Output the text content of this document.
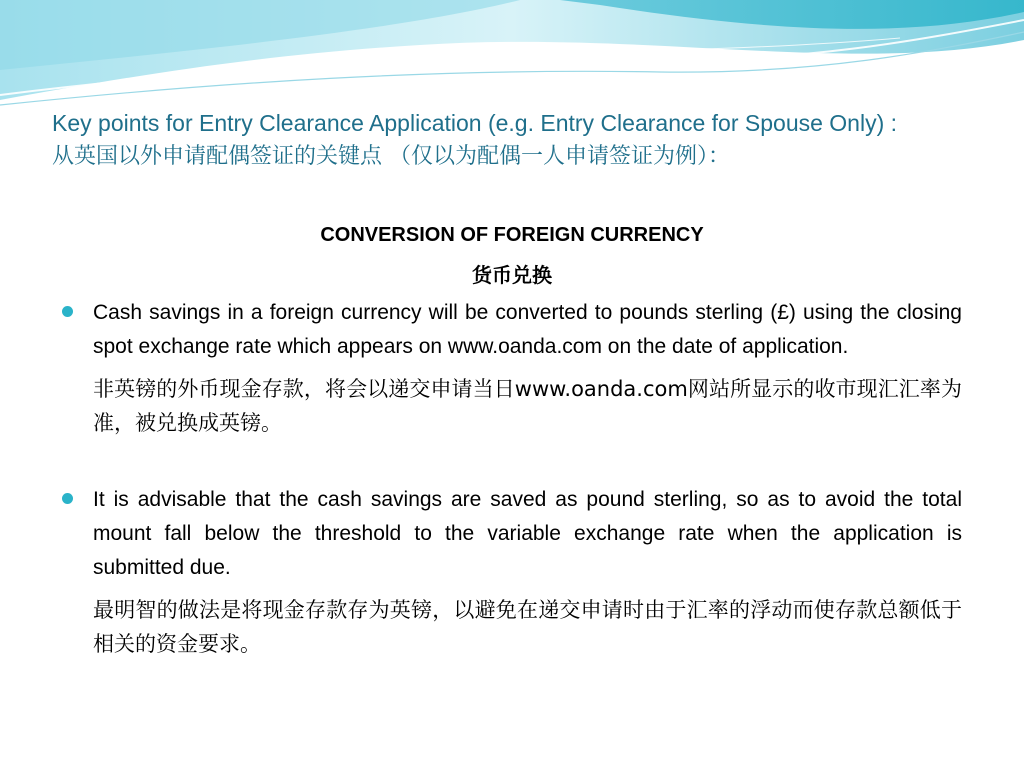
Key points for Entry Clearance Application (e.g. Entry Clearance for Spouse Only) :

从英国以外申请配偶签证的关键点 （仅以为配偶一人申请签证为例）：

CONVERSION OF FOREIGN CURRENCY
货币兑换

Cash savings in a foreign currency will be converted to pounds sterling (£) using the closing spot exchange rate which appears on www.oanda.com on the date of application.

非英镑的外币现金存款，将会以递交申请当日www.oanda.com网站所显示的收市现汇汇率为准，被兑换成英镑。

It is advisable that the cash savings are saved as pound sterling, so as to avoid the total mount fall below the threshold to the variable exchange rate when the application is submitted due.

最明智的做法是将现金存款存为英镑，以避免在递交申请时由于汇率的浮动而使存款总额低于相关的资金要求。
